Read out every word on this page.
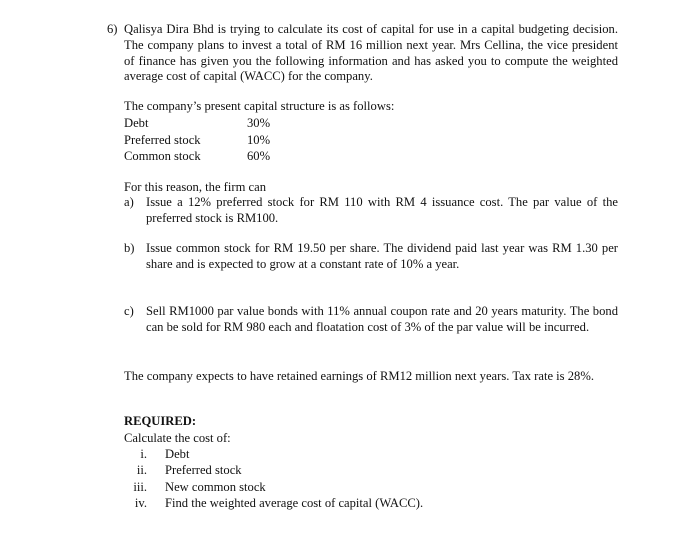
6) Qalisya Dira Bhd is trying to calculate its cost of capital for use in a capital budgeting decision. The company plans to invest a total of RM 16 million next year. Mrs Cellina, the vice president of finance has given you the following information and has asked you to compute the weighted average cost of capital (WACC) for the company.
The company’s present capital structure is as follows:
Debt	30%
Preferred stock	10%
Common stock	60%
For this reason, the firm can
a) Issue a 12% preferred stock for RM 110 with RM 4 issuance cost. The par value of the preferred stock is RM100.
b) Issue common stock for RM 19.50 per share. The dividend paid last year was RM 1.30 per share and is expected to grow at a constant rate of 10% a year.
c) Sell RM1000 par value bonds with 11% annual coupon rate and 20 years maturity. The bond can be sold for RM 980 each and floatation cost of 3% of the par value will be incurred.
The company expects to have retained earnings of RM12 million next years. Tax rate is 28%.
REQUIRED:
Calculate the cost of:
i. Debt
ii. Preferred stock
iii. New common stock
iv. Find the weighted average cost of capital (WACC).
